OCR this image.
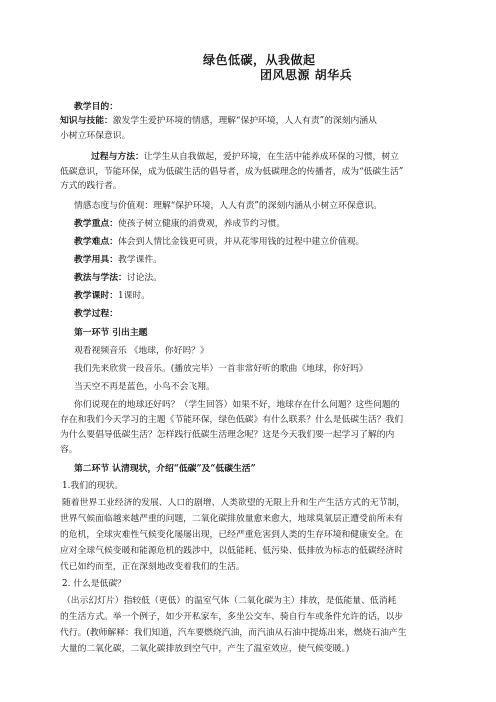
绿色低碳，从我做起
团风思源 胡华兵
教学目的：
知识与技能：激发学生爱护环境的情感，理解“保护环境，人人有责”的深刻内涵从
小树立环保意识。
过程与方法：让学生从自我做起，爱护环境，在生活中能养成环保的习惯，树立
低碳意识，节能环保，成为低碳生活的倡导者，成为低碳理念的传播者，成为“低碳生活”
方式的践行者。
情感态度与价值观：理解“保护环境，人人有责”的深刻内涵从小树立环保意识。
教学重点：使孩子树立健康的消费观，养成节约习惯。
教学难点：体会到人情比金钱更可贵，并从花零用钱的过程中建立价值观。
教学用具：教学课件。
教法与学法：讨论法。
教学课时：1课时。
教学过程：
第一环节 引出主题
观看视频音乐 《地球，你好吗？》
我们先来欣赏一段音乐。(播放完毕）一首非常好听的歌曲《地球，你好吗》
当天空不再是蓝色，小鸟不会飞翔。
你们说现在的地球还好吗？（学生回答）如果不好，地球存在什么问题？这些问题的
存在和我们今天学习的主题《节能环保，绿色低碳》有什么联系？什么是低碳生活？我们
为什么要倡导低碳生活？怎样践行低碳生活理念呢？这是今天我们要一起学习了解的内
容。
第二环节 认清现状，介绍“低碳”及“低碳生活”
1.我们的现状。
随着世界工业经济的发展、人口的剧增、人类欲望的无限上升和生产生活方式的无节制，
世界气候面临越来越严重的问题，二氧化碳排放量愈来愈大，地球臭氧层正遭受前所未有
的危机，全球灾难性气候变化屡屡出现，已经严重危害到人类的生存环境和健康安全。在
应对全球气候变暖和能源危机的践涉中，以低能耗、低污染、低排放为标志的低碳经济时
代已如约而至，正在深刻地改变着我们的生活。
2. 什么是低碳？
（出示幻灯片）指较低（更低）的温室气体（二氧化碳为主）排放，是低能量、低消耗
的生活方式。举一个例子，如少开私家车，多坐公交车、骑自行车或条件允许的话，以步
代行。(教师解释：我们知道，汽车要燃烧汽油，而汽油从石油中提炼出来，燃烧石油产生
大量的二氧化碳，二氧化碳排放到空气中，产生了温室效应，使气候变暖。)
